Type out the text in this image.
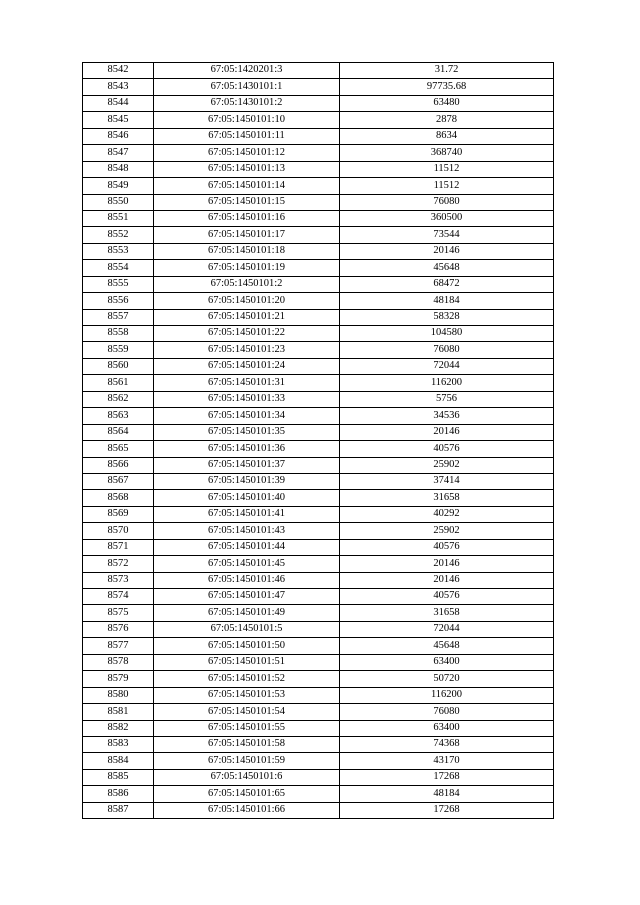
8542	67:05:1420201:3	31.72
8543	67:05:1430101:1	97735.68
8544	67:05:1430101:2	63480
8545	67:05:1450101:10	2878
8546	67:05:1450101:11	8634
8547	67:05:1450101:12	368740
8548	67:05:1450101:13	11512
8549	67:05:1450101:14	11512
8550	67:05:1450101:15	76080
8551	67:05:1450101:16	360500
8552	67:05:1450101:17	73544
8553	67:05:1450101:18	20146
8554	67:05:1450101:19	45648
8555	67:05:1450101:2	68472
8556	67:05:1450101:20	48184
8557	67:05:1450101:21	58328
8558	67:05:1450101:22	104580
8559	67:05:1450101:23	76080
8560	67:05:1450101:24	72044
8561	67:05:1450101:31	116200
8562	67:05:1450101:33	5756
8563	67:05:1450101:34	34536
8564	67:05:1450101:35	20146
8565	67:05:1450101:36	40576
8566	67:05:1450101:37	25902
8567	67:05:1450101:39	37414
8568	67:05:1450101:40	31658
8569	67:05:1450101:41	40292
8570	67:05:1450101:43	25902
8571	67:05:1450101:44	40576
8572	67:05:1450101:45	20146
8573	67:05:1450101:46	20146
8574	67:05:1450101:47	40576
8575	67:05:1450101:49	31658
8576	67:05:1450101:5	72044
8577	67:05:1450101:50	45648
8578	67:05:1450101:51	63400
8579	67:05:1450101:52	50720
8580	67:05:1450101:53	116200
8581	67:05:1450101:54	76080
8582	67:05:1450101:55	63400
8583	67:05:1450101:58	74368
8584	67:05:1450101:59	43170
8585	67:05:1450101:6	17268
8586	67:05:1450101:65	48184
8587	67:05:1450101:66	17268
